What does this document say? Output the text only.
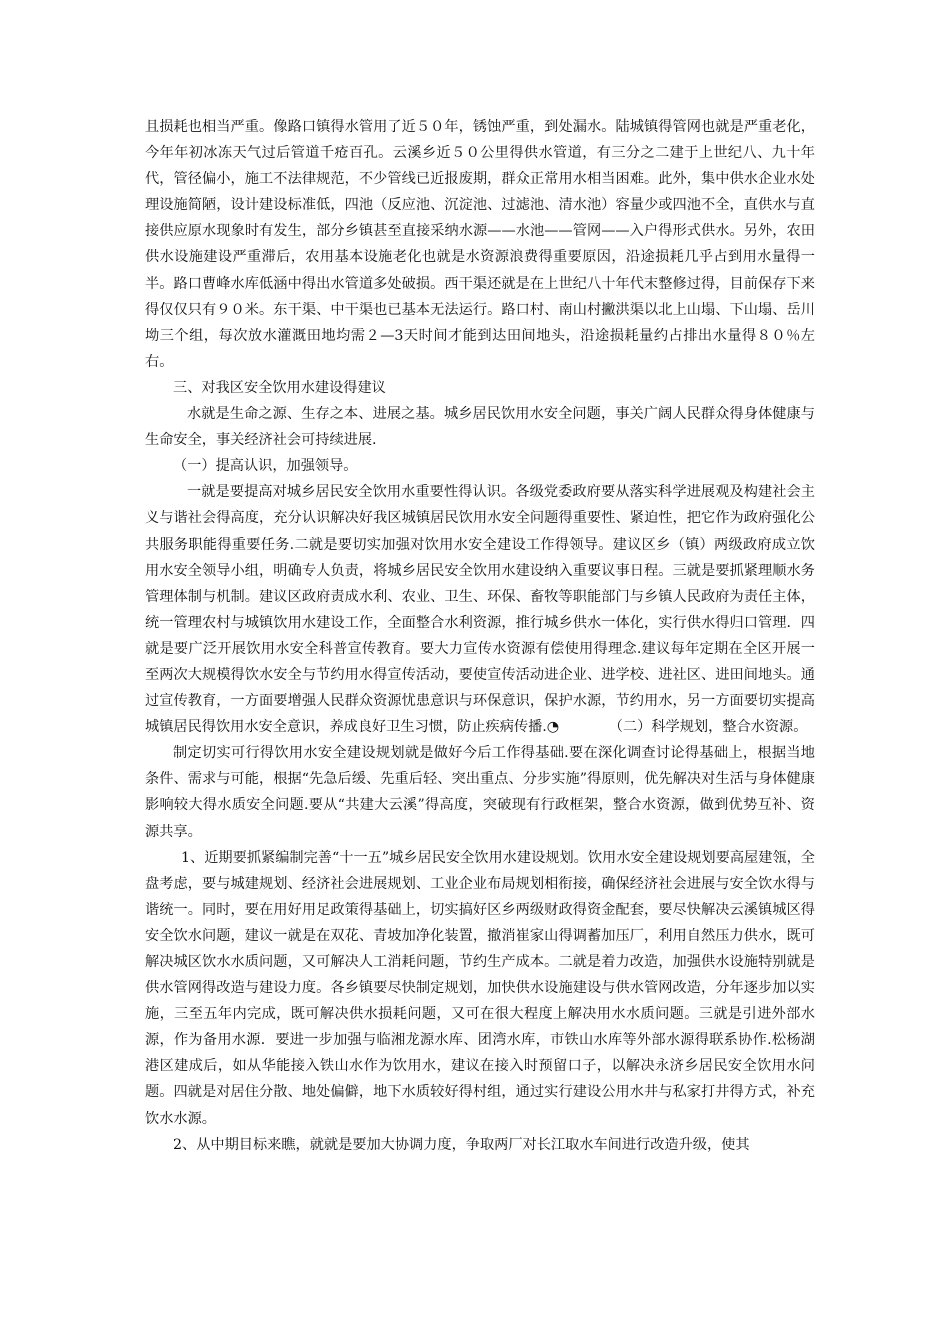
且损耗也相当严重。像路口镇得水管用了近５０年，锈蚀严重，到处漏水。陆城镇得管网也就是严重老化，今年年初冰冻天气过后管道千疮百孔。云溪乡近５０公里得供水管道，有三分之二建于上世纪八、九十年代，管径偏小，施工不法律规范，不少管线已近报废期，群众正常用水相当困难。此外，集中供水企业水处理设施简陋，设计建设标准低，四池（反应池、沉淀池、过滤池、清水池）容量少或四池不全，直供水与直接供应原水现象时有发生，部分乡镇甚至直接采纳水源——水池——管网——入户得形式供水。另外，农田供水设施建设严重滞后，农用基本设施老化也就是水资源浪费得重要原因，沿途损耗几乎占到用水量得一半。路口曹峰水库低涵中得出水管道多处破损。西干渠还就是在上世纪八十年代末整修过得，目前保存下来得仅仅只有９０米。东干渠、中干渠也已基本无法运行。路口村、南山村撇洪渠以北上山塌、下山塌、岳川坳三个组，每次放水灌溉田地均需２—3天时间才能到达田间地头，沿途损耗量约占排出水量得８０％左右。

三、对我区安全饮用水建设得建议

水就是生命之源、生存之本、进展之基。城乡居民饮用水安全问题，事关广阔人民群众得身体健康与生命安全，事关经济社会可持续进展.

（一）提高认识，加强领导。

一就是要提高对城乡居民安全饮用水重要性得认识。各级党委政府要从落实科学进展观及构建社会主义与谐社会得高度，充分认识解决好我区城镇居民饮用水安全问题得重要性、紧迫性，把它作为政府强化公共服务职能得重要任务.二就是要切实加强对饮用水安全建设工作得领导。建议区乡（镇）两级政府成立饮用水安全领导小组，明确专人负责，将城乡居民安全饮用水建设纳入重要议事日程。三就是要抓紧理顺水务管理体制与机制。建议区政府责成水利、农业、卫生、环保、畜牧等职能部门与乡镇人民政府为责任主体，统一管理农村与城镇饮用水建设工作，全面整合水利资源，推行城乡供水一体化，实行供水得归口管理．四就是要广泛开展饮用水安全科普宣传教育。要大力宣传水资源有偿使用得理念.建议每年定期在全区开展一至两次大规模得饮水安全与节约用水得宣传活动，要使宣传活动进企业、进学校、进社区、进田间地头。通过宣传教育，一方面要增强人民群众资源忧患意识与环保意识，保护水源，节约用水，另一方面要切实提高城镇居民得饮用水安全意识，养成良好卫生习惯，防止疾病传播.◔　　　　（二）科学规划，整合水资源。

制定切实可行得饮用水安全建设规划就是做好今后工作得基础.要在深化调查讨论得基础上，根据当地条件、需求与可能，根据“先急后缓、先重后轻、突出重点、分步实施”得原则，优先解决对生活与身体健康影响较大得水质安全问题.要从“共建大云溪”得高度，突破现有行政框架，整合水资源，做到优势互补、资源共享。

1、近期要抓紧编制完善“十一五”城乡居民安全饮用水建设规划。饮用水安全建设规划要高屋建瓴，全盘考虑，要与城建规划、经济社会进展规划、工业企业布局规划相衔接，确保经济社会进展与安全饮水得与谐统一。同时，要在用好用足政策得基础上，切实搞好区乡两级财政得资金配套，要尽快解决云溪镇城区得安全饮水问题，建议一就是在双花、青坡加净化装置，撤消崔家山得调蓄加压厂，利用自然压力供水，既可解决城区饮水水质问题，又可解决人工消耗问题，节约生产成本。二就是着力改造，加强供水设施特别就是供水管网得改造与建设力度。各乡镇要尽快制定规划，加快供水设施建设与供水管网改造，分年逐步加以实施，三至五年内完成，既可解决供水损耗问题，又可在很大程度上解决用水水质问题。三就是引进外部水源，作为备用水源．要进一步加强与临湘龙源水库、团湾水库，市铁山水库等外部水源得联系协作.松杨湖港区建成后，如从华能接入铁山水作为饮用水，建议在接入时预留口子，以解决永济乡居民安全饮用水问题。四就是对居住分散、地处偏僻，地下水质较好得村组，通过实行建设公用水井与私家打井得方式，补充饮水水源。

2、从中期目标来瞧，就就是要加大协调力度，争取两厂对长江取水车间进行改造升级，使其
